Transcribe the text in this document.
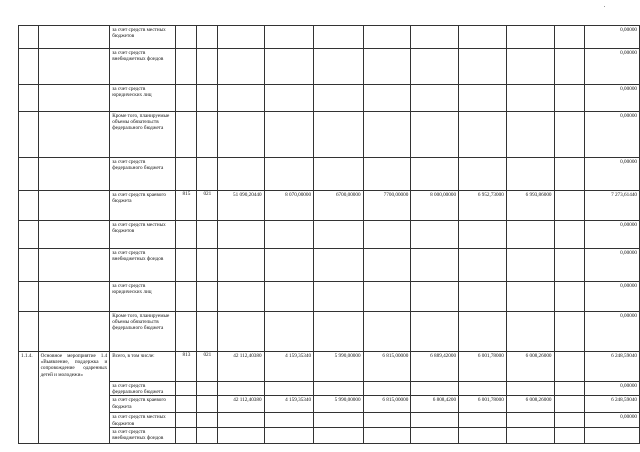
		за счет средств местных бюджетов											0,00000
		за счет средств внебюджетных фондов											0,00000
		за счет средств юридических лиц											0,00000
		Кроме того, планируемые объемы обязательств федерального бюджета											0,00000
		за счет средств федерального бюджета											0,00000
		за счет средств краевого бюджета	815	021	51 090,20440	8 070,00000	6700,00000	7700,00000	8 000,00000	6 952,73000	6 993,86000		7 273,61440
		за счет средств местных бюджетов											0,00000
		за счет средств внебюджетных фондов											0,00000
		за счет средств юридических лиц											0,00000
		Кроме того, планируемые объемы обязательств федерального бюджета											0,00000
1.1.4.	Основное мероприятие 1.4 «Выявление, поддержка и сопровождение одаренных детей и молодежи»	Всего, в том числе:	813	021	42 112,40380	4 159,35340	5 990,00000	6 815,00000	6 889,42000	6 001,78000	6 008,26000		6 248,59040
		за счет средств федерального бюджета											0,00000
		за счет средств краевого бюджета			42 112,40380	4 159,35340	5 990,00000	6 815,00000	6 808,4200	6 001,78000	6 008,26000		6 248,59040
		за счет средств местных бюджетов											0,00000
		за счет средств внебюджетных фондов											
